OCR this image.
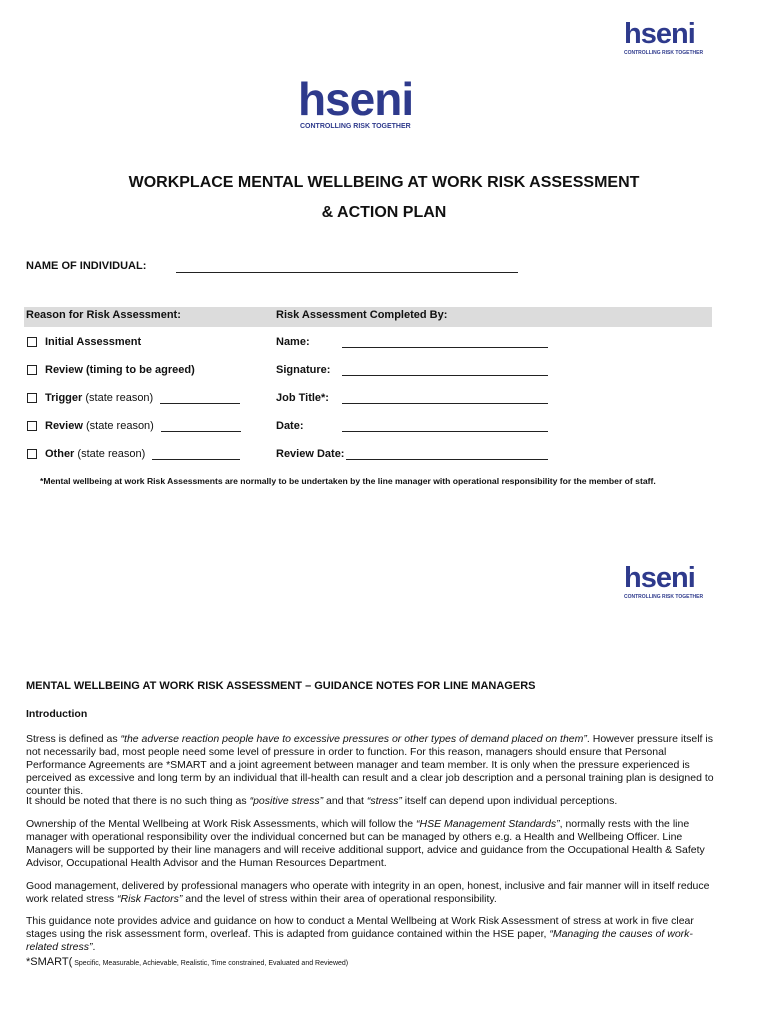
hseni
CONTROLLING RISK TOGETHER
hseni
CONTROLLING RISK TOGETHER
WORKPLACE MENTAL WELLBEING AT WORK RISK ASSESSMENT
& ACTION PLAN
NAME OF INDIVIDUAL:
Reason for Risk Assessment:	Risk Assessment Completed By:
Initial Assessment
Review (timing to be agreed)
Trigger (state reason)
Review (state reason)
Other (state reason)
Name:
Signature:
Job Title*:
Date:
Review Date:
*Mental wellbeing at work Risk Assessments are normally to be undertaken by the line manager with operational responsibility for the member of staff.
hseni
CONTROLLING RISK TOGETHER
MENTAL WELLBEING AT WORK RISK ASSESSMENT – GUIDANCE NOTES FOR LINE MANAGERS
Introduction

Stress is defined as “the adverse reaction people have to excessive pressures or other types of demand placed on them”. However pressure itself is not necessarily bad, most people need some level of pressure in order to function. For this reason, managers should ensure that Personal Performance Agreements are *SMART and a joint agreement between manager and team member. It is only when the pressure experienced is perceived as excessive and long term by an individual that ill-health can result and a clear job description and a personal training plan is designed to counter this.

It should be noted that there is no such thing as “positive stress” and that “stress” itself can depend upon individual perceptions.

Ownership of the Mental Wellbeing at Work Risk Assessments, which will follow the “HSE Management Standards”, normally rests with the line manager with operational responsibility over the individual concerned but can be managed by others e.g. a Health and Wellbeing Officer. Line Managers will be supported by their line managers and will receive additional support, advice and guidance from the Occupational Health & Safety Advisor, Occupational Health Advisor and the Human Resources Department.

Good management, delivered by professional managers who operate with integrity in an open, honest, inclusive and fair manner will in itself reduce work related stress “Risk Factors” and the level of stress within their area of operational responsibility.

This guidance note provides advice and guidance on how to conduct a Mental Wellbeing at Work Risk Assessment of stress at work in five clear stages using the risk assessment form, overleaf. This is adapted from guidance contained within the HSE paper, “Managing the causes of work-related stress”.

*SMART( Specific, Measurable, Achievable, Realistic, Time constrained, Evaluated and Reviewed)
